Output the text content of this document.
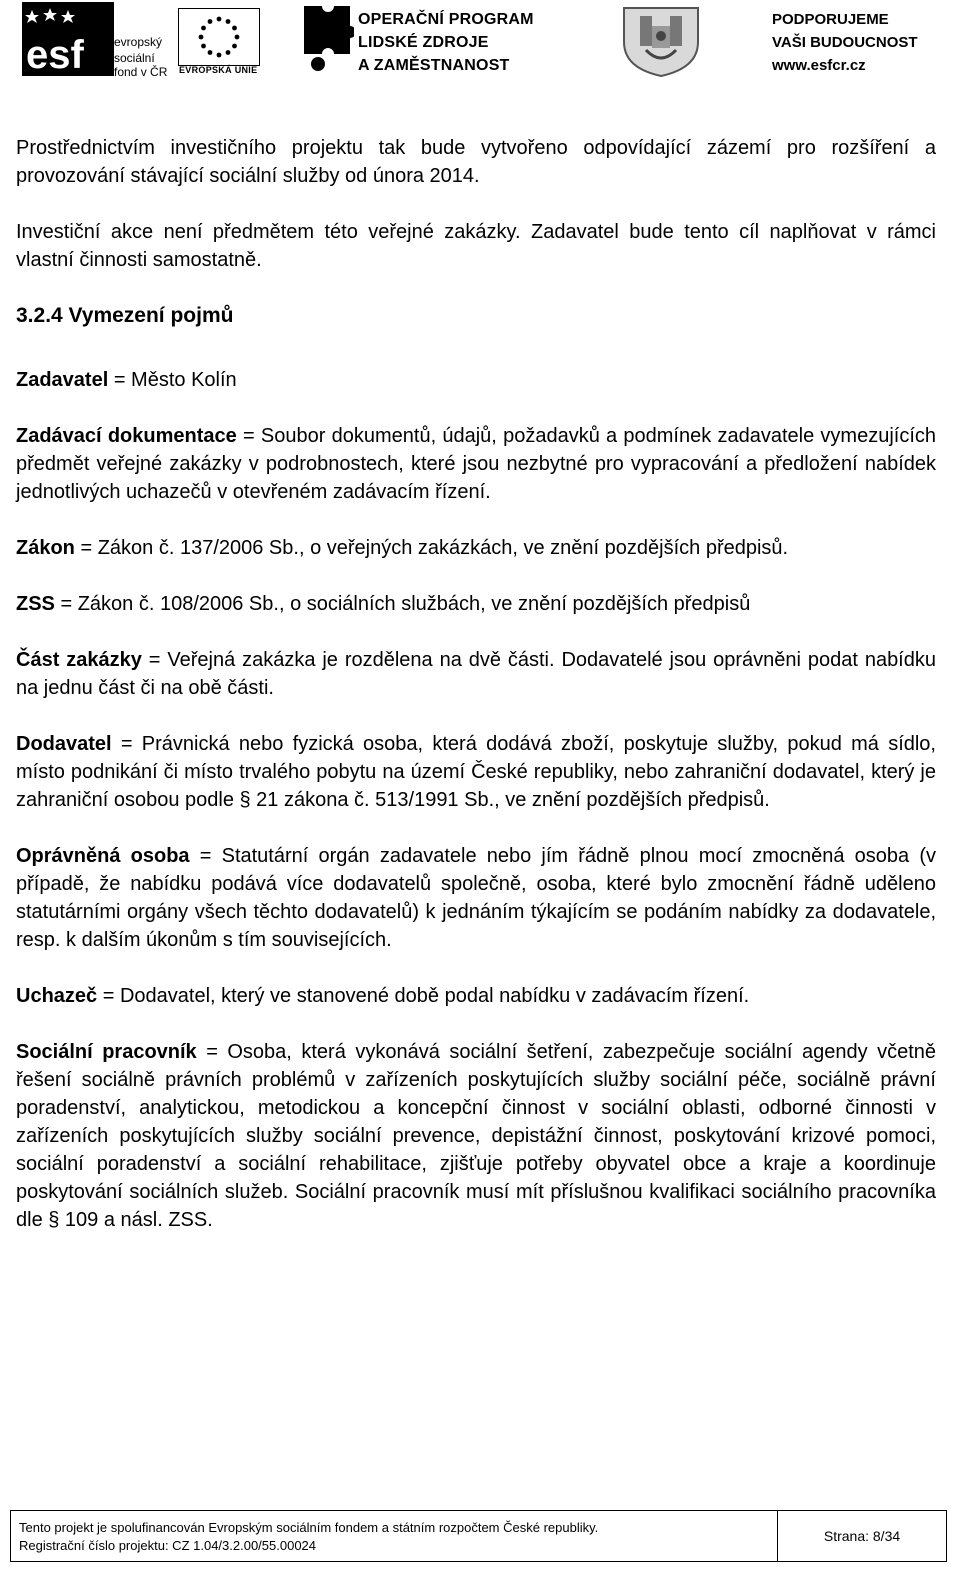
esf	evropský
sociální
fond v ČR EVROPSKÁ UNIE
OPERAČNÍ PROGRAM
LIDSKÉ ZDROJE
A ZAMĚSTNANOST
PODPORUJEME
VAŠI BUDOUCNOST
www.esfcr.cz

Prostřednictvím investičního projektu tak bude vytvořeno odpovídající zázemí pro rozšíření a provozování stávající sociální služby od února 2014.

Investiční akce není předmětem této veřejné zakázky. Zadavatel bude tento cíl naplňovat v rámci vlastní činnosti samostatně.

3.2.4 Vymezení pojmů

Zadavatel = Město Kolín

Zadávací dokumentace = Soubor dokumentů, údajů, požadavků a podmínek zadavatele vymezujících předmět veřejné zakázky v podrobnostech, které jsou nezbytné pro vypracování a předložení nabídek jednotlivých uchazečů v otevřeném zadávacím řízení.

Zákon = Zákon č. 137/2006 Sb., o veřejných zakázkách, ve znění pozdějších předpisů.

ZSS = Zákon č. 108/2006 Sb., o sociálních službách, ve znění pozdějších předpisů

Část zakázky = Veřejná zakázka je rozdělena na dvě části. Dodavatelé jsou oprávněni podat nabídku na jednu část či na obě části.

Dodavatel = Právnická nebo fyzická osoba, která dodává zboží, poskytuje služby, pokud má sídlo, místo podnikání či místo trvalého pobytu na území České republiky, nebo zahraniční dodavatel, který je zahraniční osobou podle § 21 zákona č. 513/1991 Sb., ve znění pozdějších předpisů.

Oprávněná osoba = Statutární orgán zadavatele nebo jím řádně plnou mocí zmocněná osoba (v případě, že nabídku podává více dodavatelů společně, osoba, které bylo zmocnění řádně uděleno statutárními orgány všech těchto dodavatelů) k jednáním týkajícím se podáním nabídky za dodavatele, resp. k dalším úkonům s tím souvisejících.

Uchazeč = Dodavatel, který ve stanovené době podal nabídku v zadávacím řízení.

Sociální pracovník = Osoba, která vykonává sociální šetření, zabezpečuje sociální agendy včetně řešení sociálně právních problémů v zařízeních poskytujících služby sociální péče, sociálně právní poradenství, analytickou, metodickou a koncepční činnost v sociální oblasti, odborné činnosti v zařízeních poskytujících služby sociální prevence, depistážní činnost, poskytování krizové pomoci, sociální poradenství a sociální rehabilitace, zjišťuje potřeby obyvatel obce a kraje a koordinuje poskytování sociálních služeb. Sociální pracovník musí mít příslušnou kvalifikaci sociálního pracovníka dle § 109 a násl. ZSS.

Tento projekt je spolufinancován Evropským sociálním fondem a státním rozpočtem České republiky.
Registrační číslo projektu: CZ 1.04/3.2.00/55.00024
Strana: 8/34
